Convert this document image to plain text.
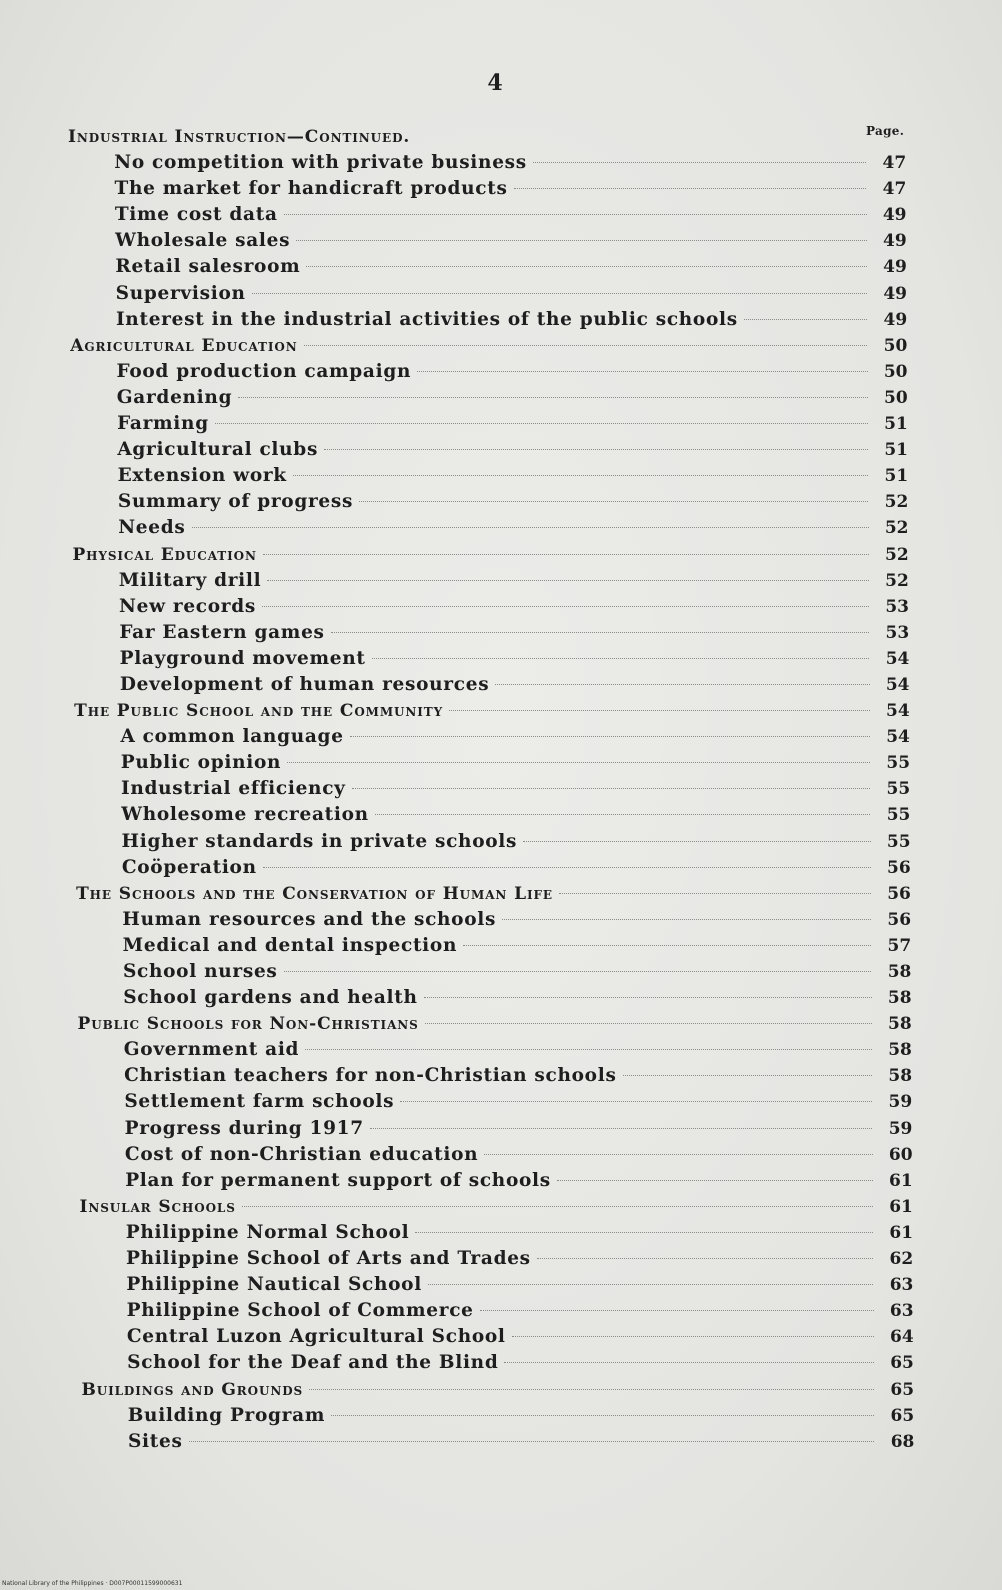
4
Page.
Industrial Instruction—Continued.
No competition with private business	47
The market for handicraft products	47
Time cost data	49
Wholesale sales	49
Retail salesroom	49
Supervision	49
Interest in the industrial activities of the public schools	49
Agricultural Education	50
Food production campaign	50
Gardening	50
Farming	51
Agricultural clubs	51
Extension work	51
Summary of progress	52
Needs	52
Physical Education	52
Military drill	52
New records	53
Far Eastern games	53
Playground movement	54
Development of human resources	54
The Public School and the Community	54
A common language	54
Public opinion	55
Industrial efficiency	55
Wholesome recreation	55
Higher standards in private schools	55
Coöperation	56
The Schools and the Conservation of Human Life	56
Human resources and the schools	56
Medical and dental inspection	57
School nurses	58
School gardens and health	58
Public Schools for Non-Christians	58
Government aid	58
Christian teachers for non-Christian schools	58
Settlement farm schools	59
Progress during 1917	59
Cost of non-Christian education	60
Plan for permanent support of schools	61
Insular Schools	61
Philippine Normal School	61
Philippine School of Arts and Trades	62
Philippine Nautical School	63
Philippine School of Commerce	63
Central Luzon Agricultural School	64
School for the Deaf and the Blind	65
Buildings and Grounds	65
Building Program	65
Sites	68
National Library of the Philippines · D007P00011599000631
